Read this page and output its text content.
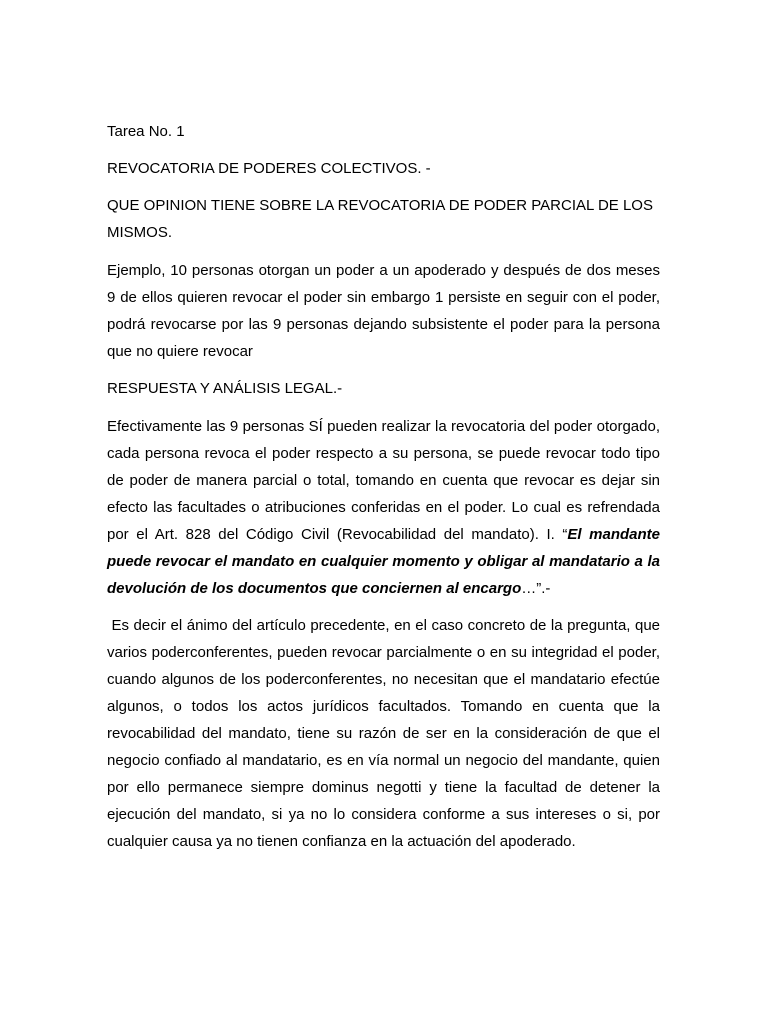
Tarea No. 1

REVOCATORIA DE PODERES COLECTIVOS. -

QUE OPINION TIENE SOBRE LA REVOCATORIA DE PODER PARCIAL DE LOS MISMOS.

Ejemplo, 10 personas otorgan un poder a un apoderado y después de dos meses 9 de ellos quieren revocar el poder sin embargo 1 persiste en seguir con el poder, podrá revocarse por las 9 personas dejando subsistente el poder para la persona que no quiere revocar

RESPUESTA Y ANÁLISIS LEGAL.-

Efectivamente las 9 personas SÍ pueden realizar la revocatoria del poder otorgado, cada persona revoca el poder respecto a su persona, se puede revocar todo tipo de poder de manera parcial o total, tomando en cuenta que revocar es dejar sin efecto las facultades o atribuciones conferidas en el poder. Lo cual es refrendada por el Art. 828 del Código Civil (Revocabilidad del mandato). I. “El mandante puede revocar el mandato en cualquier momento y obligar al mandatario a la devolución de los documentos que conciernen al encargo…”.-

Es decir el ánimo del artículo precedente, en el caso concreto de la pregunta, que varios poderconferentes, pueden revocar parcialmente o en su integridad el poder, cuando algunos de los poderconferentes, no necesitan que el mandatario efectúe algunos, o todos los actos jurídicos facultados. Tomando en cuenta que la revocabilidad del mandato, tiene su razón de ser en la consideración de que el negocio confiado al mandatario, es en vía normal un negocio del mandante, quien por ello permanece siempre dominus negotti y tiene la facultad de detener la ejecución del mandato, si ya no lo considera conforme a sus intereses o si, por cualquier causa ya no tienen confianza en la actuación del apoderado.
